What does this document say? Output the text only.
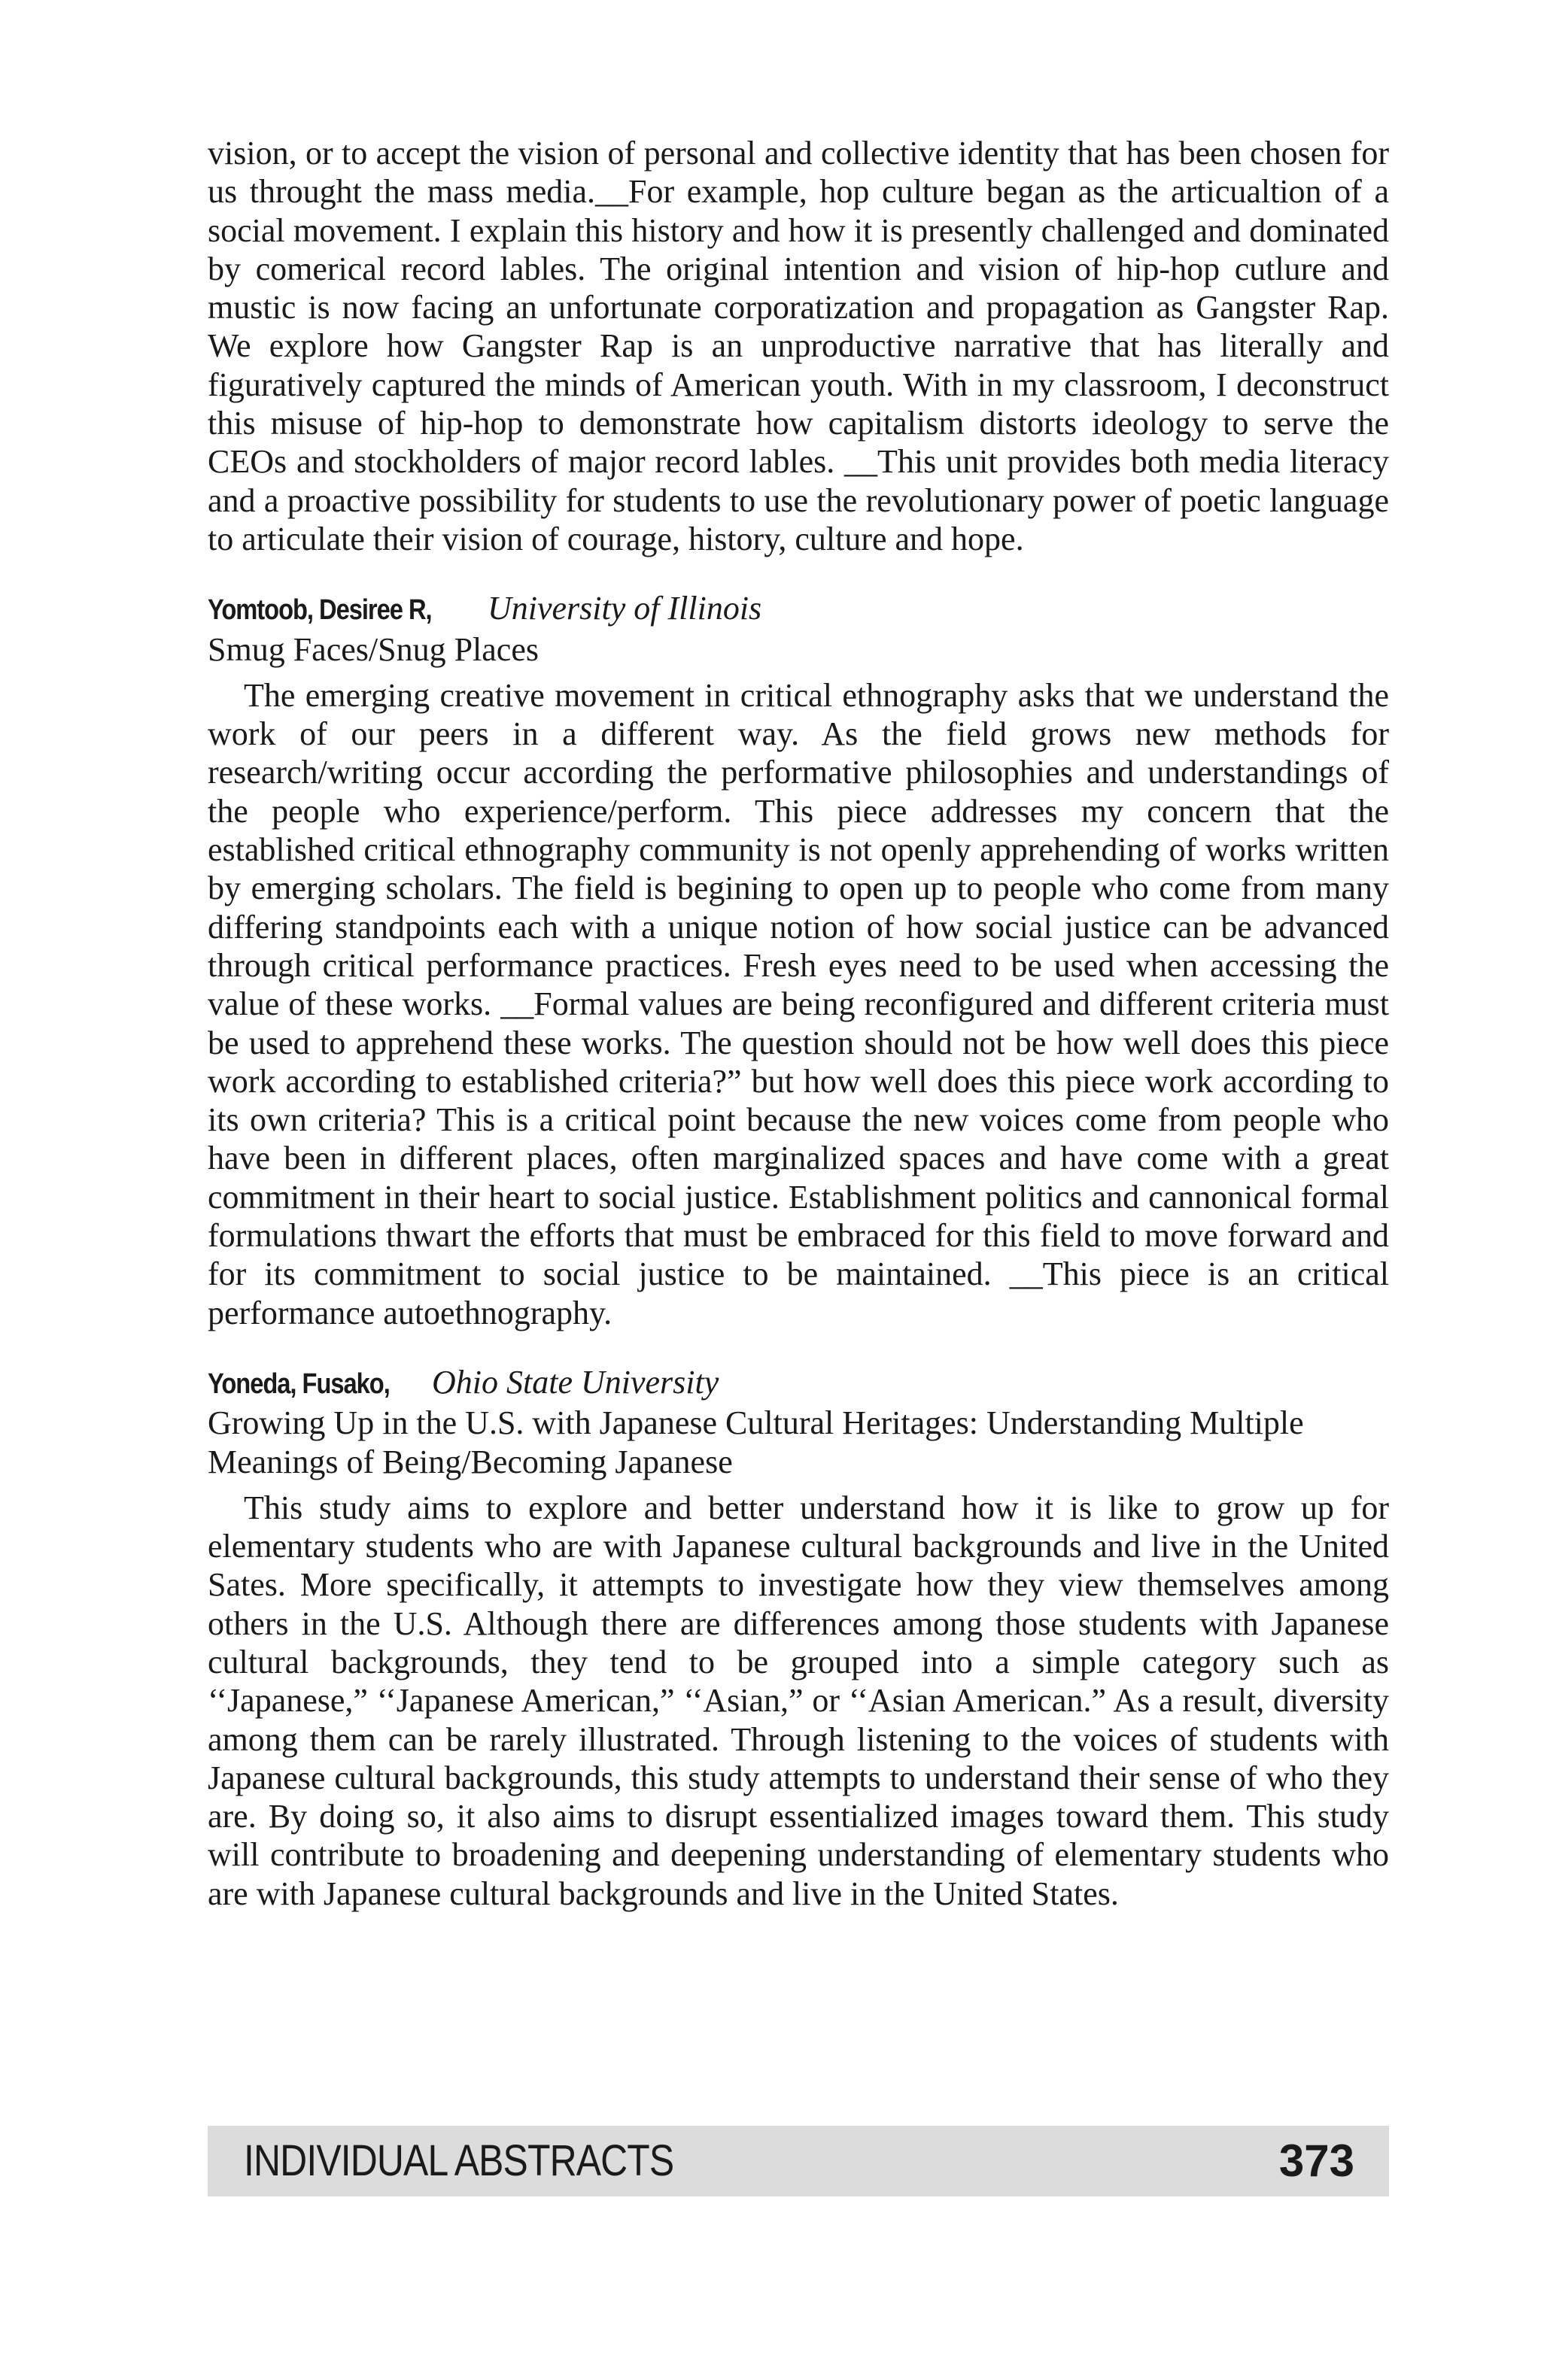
vision, or to accept the vision of personal and collective identity that has been chosen for us throught the mass media.__For example, hop culture began as the articualtion of a social movement. I explain this history and how it is presently challenged and dominated by comerical record lables. The original intention and vision of hip-hop cutlure and mustic is now facing an unfortunate corporatization and propagation as Gangster Rap. We explore how Gangster Rap is an unproductive narrative that has literally and figuratively captured the minds of American youth. With in my classroom, I deconstruct this misuse of hip-hop to demonstrate how capitalism distorts ideology to serve the CEOs and stockholders of major record lables. __This unit provides both media literacy and a proactive possibility for students to use the revolutionary power of poetic language to articulate their vision of courage, history, culture and hope.

Yomtoob, Desiree R, University of Illinois

Smug Faces/Snug Places

The emerging creative movement in critical ethnography asks that we understand the work of our peers in a different way. As the field grows new methods for research/writing occur according the performative philosophies and understandings of the people who experience/perform. This piece addresses my concern that the established critical ethnography community is not openly apprehending of works written by emerging scholars. The field is begining to open up to people who come from many differing standpoints each with a unique notion of how social justice can be advanced through critical performance practices. Fresh eyes need to be used when accessing the value of these works. __Formal values are being reconfigured and different criteria must be used to apprehend these works. The question should not be how well does this piece work according to established criteria?” but how well does this piece work according to its own criteria? This is a critical point because the new voices come from people who have been in different places, often marginalized spaces and have come with a great commitment in their heart to social justice. Establishment politics and cannonical formal formulations thwart the efforts that must be embraced for this field to move forward and for its commitment to social justice to be maintained. __This piece is an critical performance autoethnography.

Yoneda, Fusako, Ohio State University

Growing Up in the U.S. with Japanese Cultural Heritages: Understanding Multiple Meanings of Being/Becoming Japanese

This study aims to explore and better understand how it is like to grow up for elementary students who are with Japanese cultural backgrounds and live in the United Sates. More specifically, it attempts to investigate how they view themselves among others in the U.S. Although there are differences among those students with Japanese cultural backgrounds, they tend to be grouped into a simple category such as ‘‘Japanese,” ‘‘Japanese American,” ‘‘Asian,” or ‘‘Asian American.” As a result, diversity among them can be rarely illustrated. Through listening to the voices of students with Japanese cultural backgrounds, this study attempts to understand their sense of who they are. By doing so, it also aims to disrupt essentialized images toward them. This study will contribute to broadening and deepening understanding of elementary students who are with Japanese cultural backgrounds and live in the United States.

INDIVIDUAL ABSTRACTS	373
